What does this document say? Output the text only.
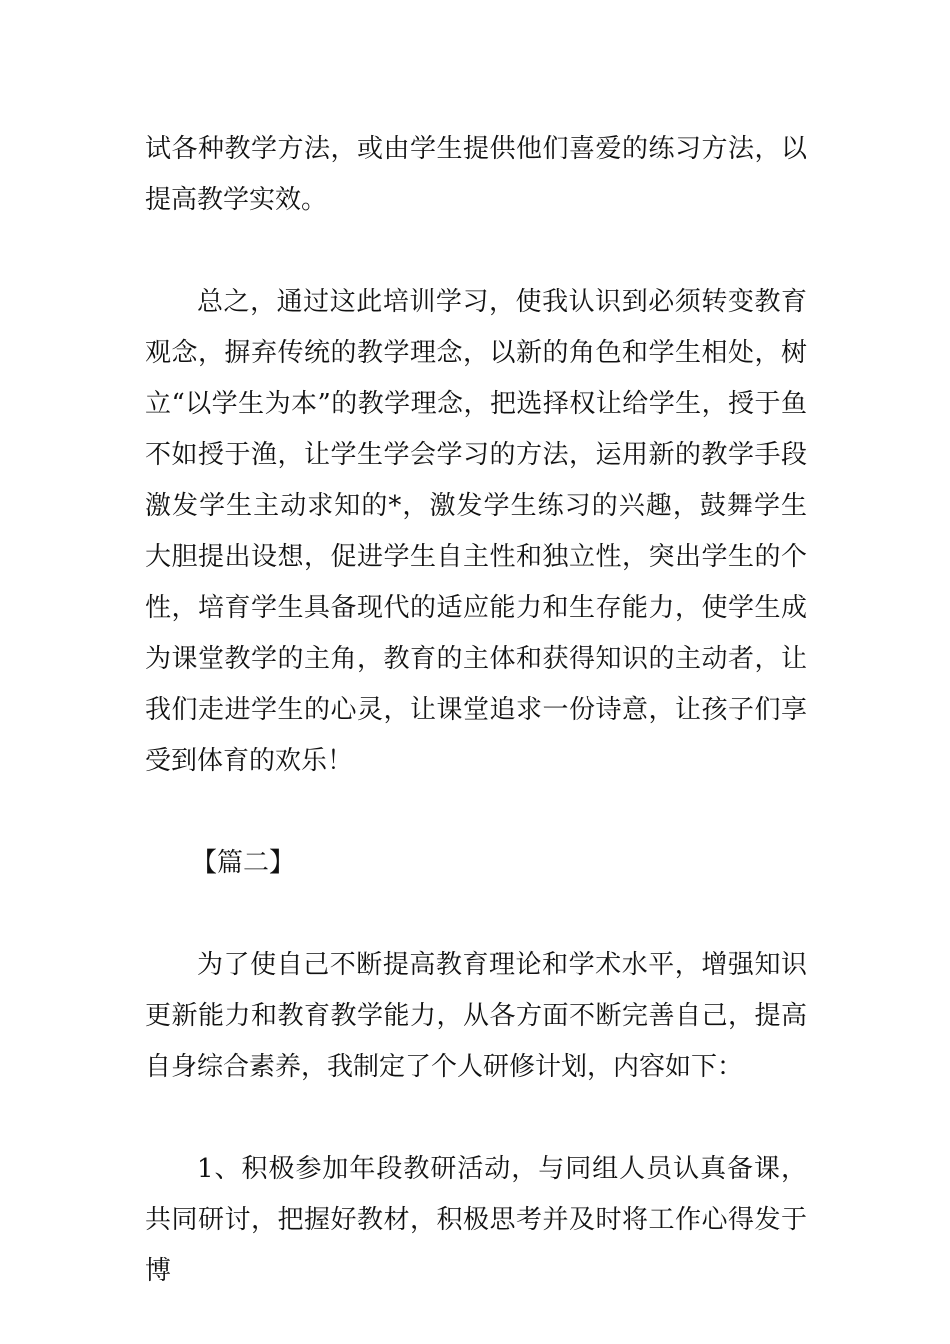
试各种教学方法，或由学生提供他们喜爱的练习方法，以提高教学实效。

总之，通过这此培训学习，使我认识到必须转变教育观念，摒弃传统的教学理念，以新的角色和学生相处，树立“以学生为本”的教学理念，把选择权让给学生，授于鱼不如授于渔，让学生学会学习的方法，运用新的教学手段激发学生主动求知的*，激发学生练习的兴趣，鼓舞学生大胆提出设想，促进学生自主性和独立性，突出学生的个性，培育学生具备现代的适应能力和生存能力，使学生成为课堂教学的主角，教育的主体和获得知识的主动者，让我们走进学生的心灵，让课堂追求一份诗意，让孩子们享受到体育的欢乐！

【篇二】

为了使自己不断提高教育理论和学术水平，增强知识更新能力和教育教学能力，从各方面不断完善自己，提高自身综合素养，我制定了个人研修计划，内容如下：

1、积极参加年段教研活动，与同组人员认真备课，共同研讨，把握好教材，积极思考并及时将工作心得发于博
